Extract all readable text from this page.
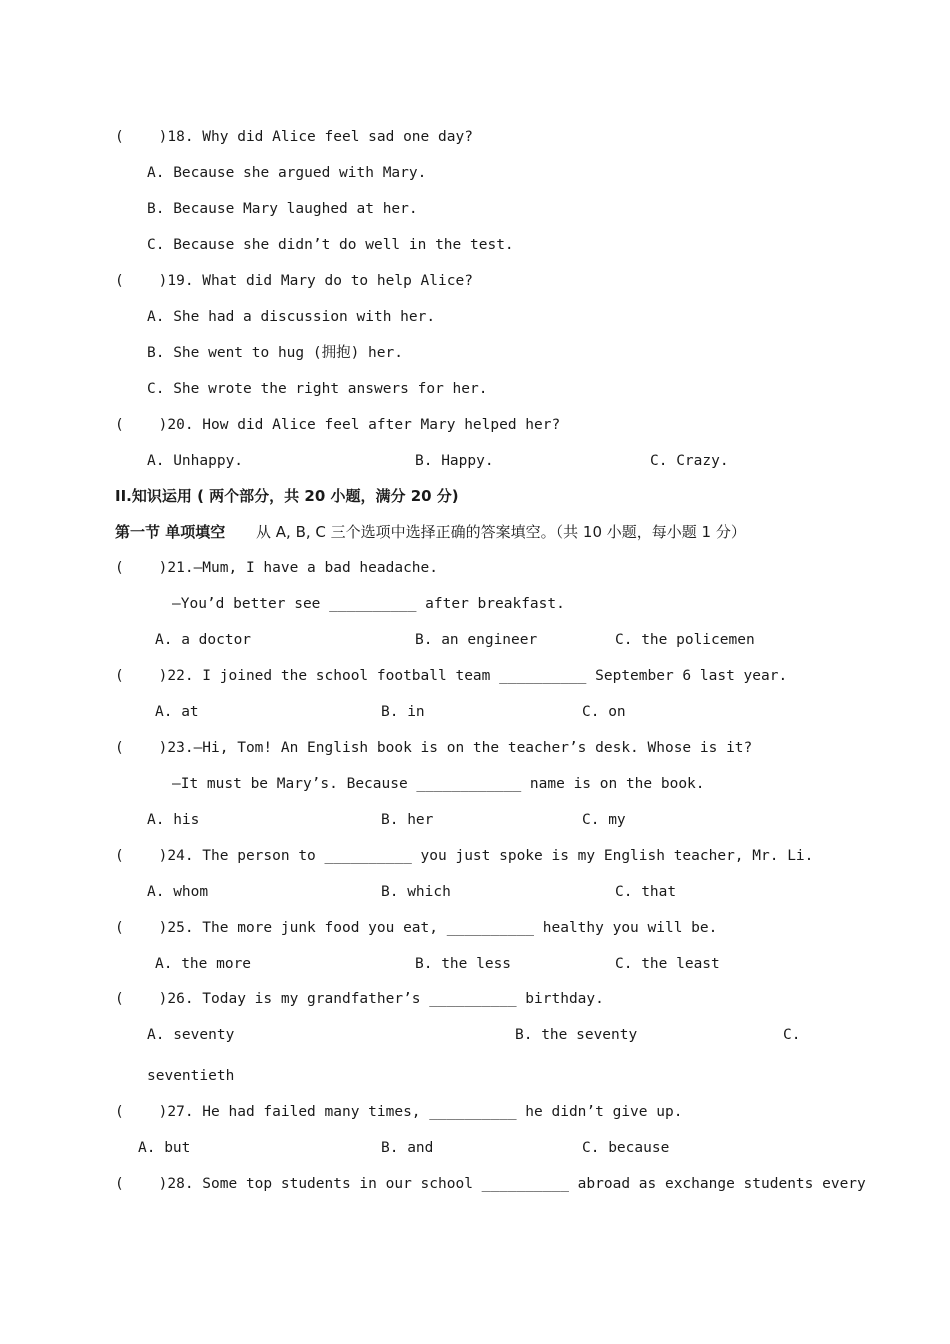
(    )18. Why did Alice feel sad one day?
A. Because she argued with Mary.
B. Because Mary laughed at her.
C. Because she didn’t do well in the test.
(    )19. What did Mary do to help Alice?
A. She had a discussion with her.
B. She went to hug (拥抱) her.
C. She wrote the right answers for her.
(    )20. How did Alice feel after Mary helped her?
A. Unhappy.	B. Happy.	C. Crazy.
II.知识运用 ( 两个部分，共 20 小题，满分 20 分)
第一节 单项填空 从 A, B, C 三个选项中选择正确的答案填空。（共 10 小题，每小题 1 分）
(    )21.—Mum, I have a bad headache.
—You’d better see __________ after breakfast.
A. a doctor	B. an engineer	C. the policemen
(    )22. I joined the school football team __________ September 6 last year.
A. at	B. in	C. on
(    )23.—Hi, Tom! An English book is on the teacher’s desk. Whose is it?
—It must be Mary’s. Because ____________ name is on the book.
A. his	B. her	C. my
(    )24. The person to __________ you just spoke is my English teacher, Mr. Li.
A. whom	B. which	C. that
(    )25. The more junk food you eat, __________ healthy you will be.
A. the more	B. the less	C. the least
(    )26. Today is my grandfather’s __________ birthday.
A. seventy	B. the seventy	C.
seventieth
(    )27. He had failed many times, __________ he didn’t give up.
A. but	B. and	C. because
(    )28. Some top students in our school __________ abroad as exchange students every
